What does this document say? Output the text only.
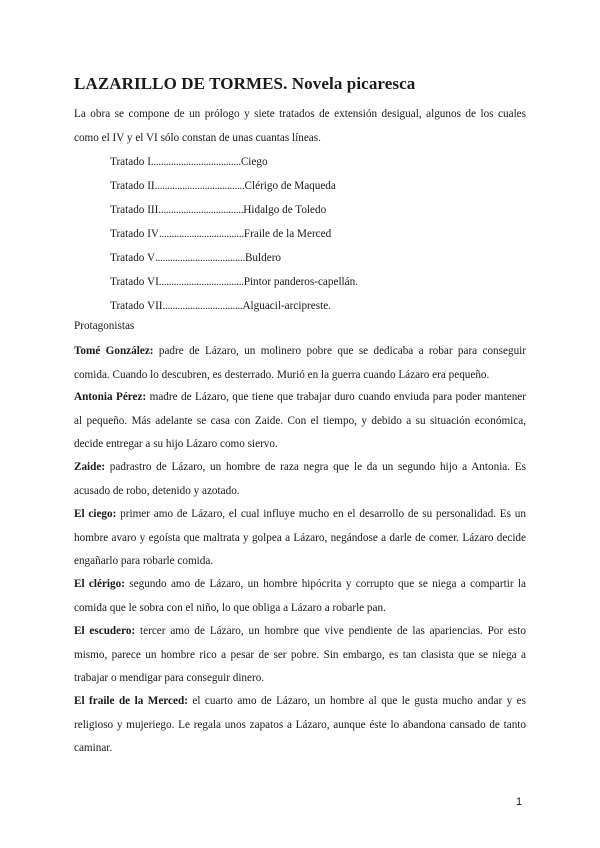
LAZARILLO DE TORMES. Novela picaresca

La obra se compone de un prólogo y siete tratados de extensión desigual, algunos de los cuales como el IV y el VI sólo constan de unas cuantas líneas.

Tratado I....................................Ciego
Tratado II....................................Clérigo de Maqueda
Tratado III..................................Hidalgo de Toledo
Tratado IV..................................Fraile de la Merced
Tratado V....................................Buldero
Tratado VI..................................Pintor panderos-capellán.
Tratado VII................................Alguacil-arcipreste.

Protagonistas

Tomé González: padre de Lázaro, un molinero pobre que se dedicaba a robar para conseguir comida. Cuando lo descubren, es desterrado. Murió en la guerra cuando Lázaro era pequeño.

Antonia Pérez: madre de Lázaro, que tiene que trabajar duro cuando enviuda para poder mantener al pequeño. Más adelante se casa con Zaide. Con el tiempo, y debido a su situación económica, decide entregar a su hijo Lázaro como siervo.

Zaide: padrastro de Lázaro, un hombre de raza negra que le da un segundo hijo a Antonia. Es acusado de robo, detenido y azotado.

El ciego: primer amo de Lázaro, el cual influye mucho en el desarrollo de su personalidad. Es un hombre avaro y egoísta que maltrata y golpea a Lázaro, negándose a darle de comer. Lázaro decide engañarlo para robarle comida.

El clérigo: segundo amo de Lázaro, un hombre hipócrita y corrupto que se niega a compartir la comida que le sobra con el niño, lo que obliga a Lázaro a robarle pan.

El escudero: tercer amo de Lázaro, un hombre que vive pendiente de las apariencias. Por esto mismo, parece un hombre rico a pesar de ser pobre. Sin embargo, es tan clasista que se niega a trabajar o mendigar para conseguir dinero.

El fraile de la Merced: el cuarto amo de Lázaro, un hombre al que le gusta mucho andar y es religioso y mujeriego. Le regala unos zapatos a Lázaro, aunque éste lo abandona cansado de tanto caminar.

1
